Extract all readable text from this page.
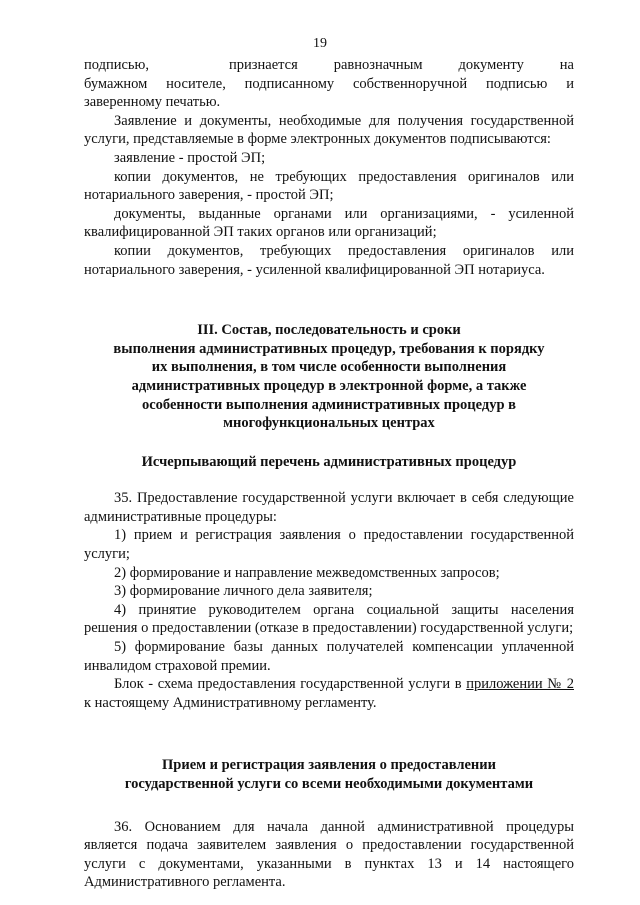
19

подписью,	признается равнозначным документу на

бумажном носителе, подписанному собственноручной подписью и

заверенному печатью.

Заявление и документы, необходимые для получения государственной услуги, представляемые в форме электронных документов подписываются:

заявление - простой ЭП;

копии документов, не требующих предоставления оригиналов или нотариального заверения, - простой ЭП;

документы, выданные органами или организациями, - усиленной квалифицированной ЭП таких органов или организаций;

копии документов, требующих предоставления оригиналов или нотариального заверения, - усиленной квалифицированной ЭП нотариуса.

III. Состав, последовательность и сроки
выполнения административных процедур, требования к порядку
их выполнения, в том числе особенности выполнения
административных процедур в электронной форме, а также
особенности выполнения административных процедур в
многофункциональных центрах
Исчерпывающий перечень административных процедур

35. Предоставление государственной услуги включает в себя следующие административные процедуры:

1) прием и регистрация заявления о предоставлении государственной услуги;

2) формирование и направление межведомственных запросов;

3) формирование личного дела заявителя;

4) принятие руководителем органа социальной защиты населения решения о предоставлении (отказе в предоставлении) государственной услуги;

5) формирование базы данных получателей компенсации уплаченной инвалидом страховой премии.

Блок - схема предоставления государственной услуги в приложении № 2 к настоящему Административному регламенту.

Прием и регистрация заявления о предоставлении
государственной услуги со всеми необходимыми документами

36. Основанием для начала данной административной процедуры является подача заявителем заявления о предоставлении государственной услуги с документами, указанными в пунктах 13 и 14 настоящего Административного регламента.
